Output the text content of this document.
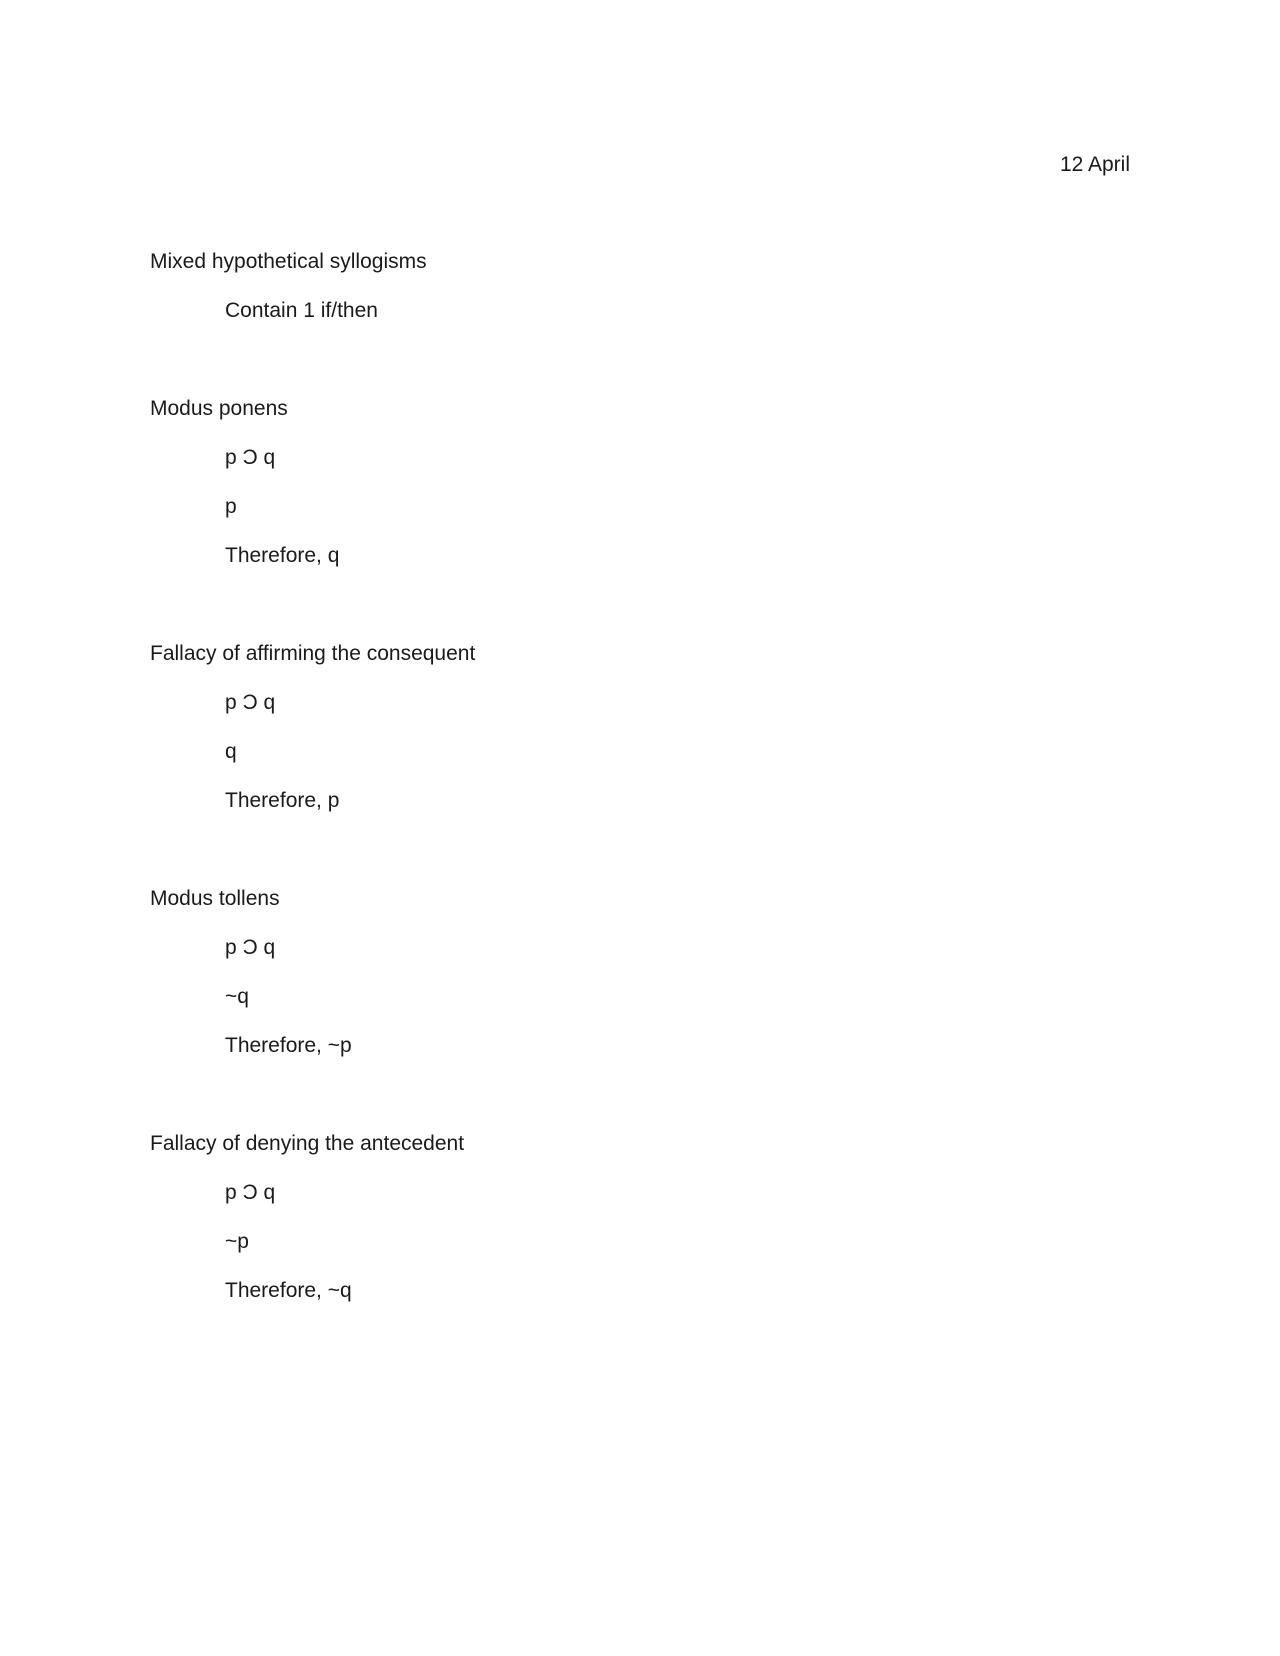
12 April
Mixed hypothetical syllogisms
Contain 1 if/then
Modus ponens
p Ɔ q
p
Therefore, q
Fallacy of affirming the consequent
p Ɔ q
q
Therefore, p
Modus tollens
p Ɔ q
~q
Therefore, ~p
Fallacy of denying the antecedent
p Ɔ q
~p
Therefore, ~q
